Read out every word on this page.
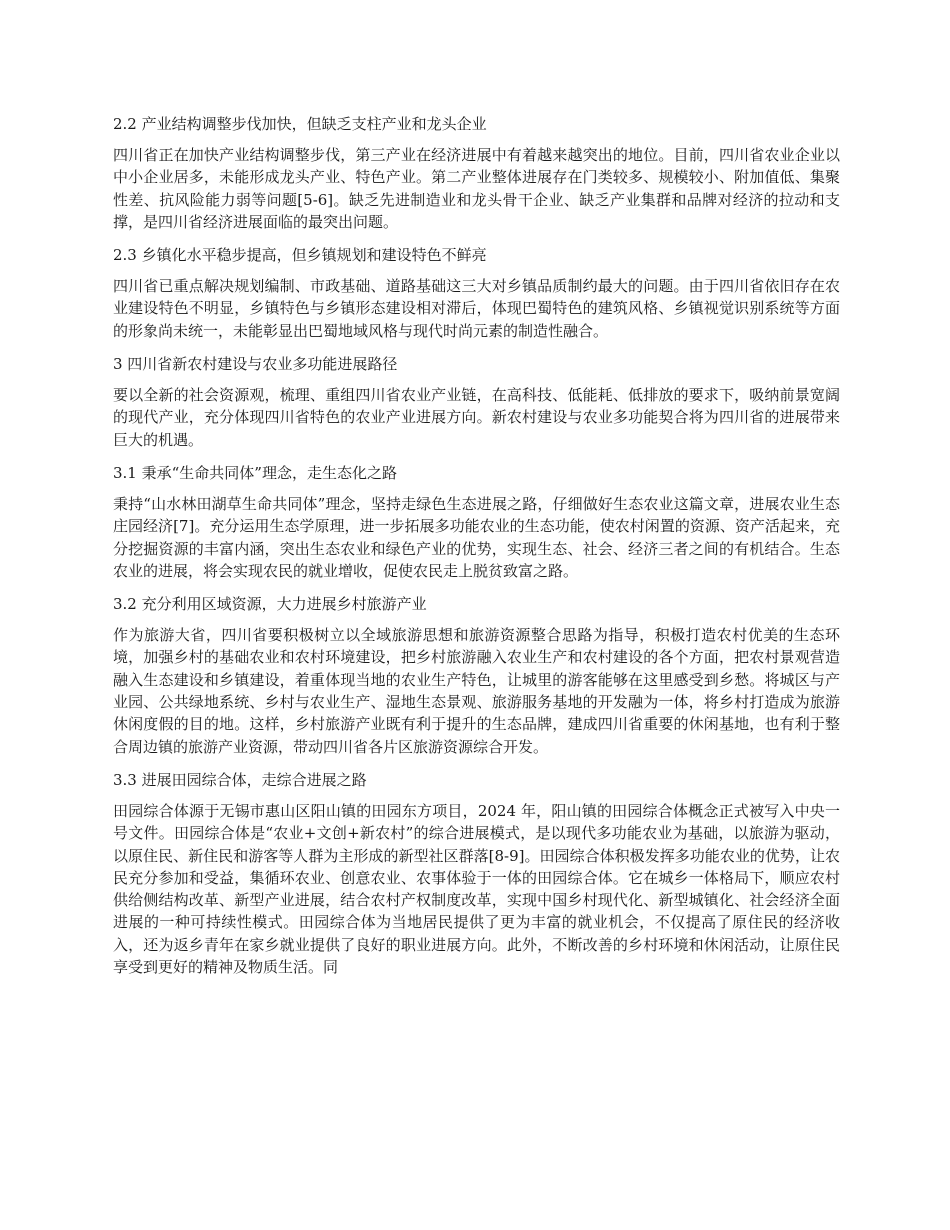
2.2 产业结构调整步伐加快，但缺乏支柱产业和龙头企业
四川省正在加快产业结构调整步伐，第三产业在经济进展中有着越来越突出的地位。目前，四川省农业企业以中小企业居多，未能形成龙头产业、特色产业。第二产业整体进展存在门类较多、规模较小、附加值低、集聚性差、抗风险能力弱等问题[5-6]。缺乏先进制造业和龙头骨干企业、缺乏产业集群和品牌对经济的拉动和支撑，是四川省经济进展面临的最突出问题。
2.3 乡镇化水平稳步提高，但乡镇规划和建设特色不鲜亮
四川省已重点解决规划编制、市政基础、道路基础这三大对乡镇品质制约最大的问题。由于四川省依旧存在农业建设特色不明显，乡镇特色与乡镇形态建设相对滞后，体现巴蜀特色的建筑风格、乡镇视觉识别系统等方面的形象尚未统一，未能彰显出巴蜀地域风格与现代时尚元素的制造性融合。
3 四川省新农村建设与农业多功能进展路径
要以全新的社会资源观，梳理、重组四川省农业产业链，在高科技、低能耗、低排放的要求下，吸纳前景宽阔的现代产业，充分体现四川省特色的农业产业进展方向。新农村建设与农业多功能契合将为四川省的进展带来巨大的机遇。
3.1 秉承“生命共同体”理念，走生态化之路
秉持“山水林田湖草生命共同体”理念，坚持走绿色生态进展之路，仔细做好生态农业这篇文章，进展农业生态庄园经济[7]。充分运用生态学原理，进一步拓展多功能农业的生态功能，使农村闲置的资源、资产活起来，充分挖掘资源的丰富内涵，突出生态农业和绿色产业的优势，实现生态、社会、经济三者之间的有机结合。生态农业的进展，将会实现农民的就业增收，促使农民走上脱贫致富之路。
3.2 充分利用区域资源，大力进展乡村旅游产业
作为旅游大省，四川省要积极树立以全域旅游思想和旅游资源整合思路为指导，积极打造农村优美的生态环境，加强乡村的基础农业和农村环境建设，把乡村旅游融入农业生产和农村建设的各个方面，把农村景观营造融入生态建设和乡镇建设，着重体现当地的农业生产特色，让城里的游客能够在这里感受到乡愁。将城区与产业园、公共绿地系统、乡村与农业生产、湿地生态景观、旅游服务基地的开发融为一体，将乡村打造成为旅游休闲度假的目的地。这样，乡村旅游产业既有利于提升的生态品牌，建成四川省重要的休闲基地，也有利于整合周边镇的旅游产业资源，带动四川省各片区旅游资源综合开发。
3.3 进展田园综合体，走综合进展之路
田园综合体源于无锡市惠山区阳山镇的田园东方项目，2024 年，阳山镇的田园综合体概念正式被写入中央一号文件。田园综合体是“农业+文创+新农村”的综合进展模式，是以现代多功能农业为基础，以旅游为驱动，以原住民、新住民和游客等人群为主形成的新型社区群落[8-9]。田园综合体积极发挥多功能农业的优势，让农民充分参加和受益，集循环农业、创意农业、农事体验于一体的田园综合体。它在城乡一体格局下，顺应农村供给侧结构改革、新型产业进展，结合农村产权制度改革，实现中国乡村现代化、新型城镇化、社会经济全面进展的一种可持续性模式。田园综合体为当地居民提供了更为丰富的就业机会，不仅提高了原住民的经济收入，还为返乡青年在家乡就业提供了良好的职业进展方向。此外，不断改善的乡村环境和休闲活动，让原住民享受到更好的精神及物质生活。同
